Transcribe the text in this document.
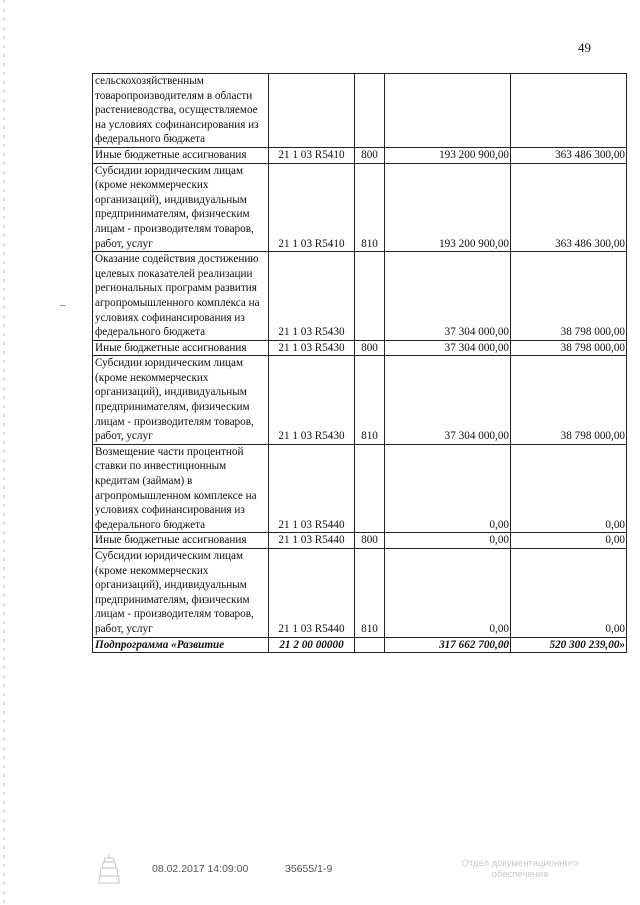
49
сельскохозяйственным товаропроизводителям в области растениеводства, осуществляемое на условиях софинансирования из федерального бюджета				
Иные бюджетные ассигнования	21 1 03 R5410	800	193 200 900,00	363 486 300,00
Субсидии юридическим лицам (кроме некоммерческих организаций), индивидуальным предпринимателям, физическим лицам - производителям товаров, работ, услуг	21 1 03 R5410	810	193 200 900,00	363 486 300,00
Оказание содействия достижению целевых показателей реализации региональных программ развития агропромышленного комплекса на условиях софинансирования из федерального бюджета	21 1 03 R5430		37 304 000,00	38 798 000,00
Иные бюджетные ассигнования	21 1 03 R5430	800	37 304 000,00	38 798 000,00
Субсидии юридическим лицам (кроме некоммерческих организаций), индивидуальным предпринимателям, физическим лицам - производителям товаров, работ, услуг	21 1 03 R5430	810	37 304 000,00	38 798 000,00
Возмещение части процентной ставки по инвестиционным кредитам (займам) в агропромышленном комплексе на условиях софинансирования из федерального бюджета	21 1 03 R5440		0,00	0,00
Иные бюджетные ассигнования	21 1 03 R5440	800	0,00	0,00
Субсидии юридическим лицам (кроме некоммерческих организаций), индивидуальным предпринимателям, физическим лицам - производителям товаров, работ, услуг	21 1 03 R5440	810	0,00	0,00
Подпрограмма «Развитие	21 2 00 00000		317 662 700,00	520 300 239,00»
08.02.2017 14:09:00	35655/1-9	Отдел документационного обеспечения
